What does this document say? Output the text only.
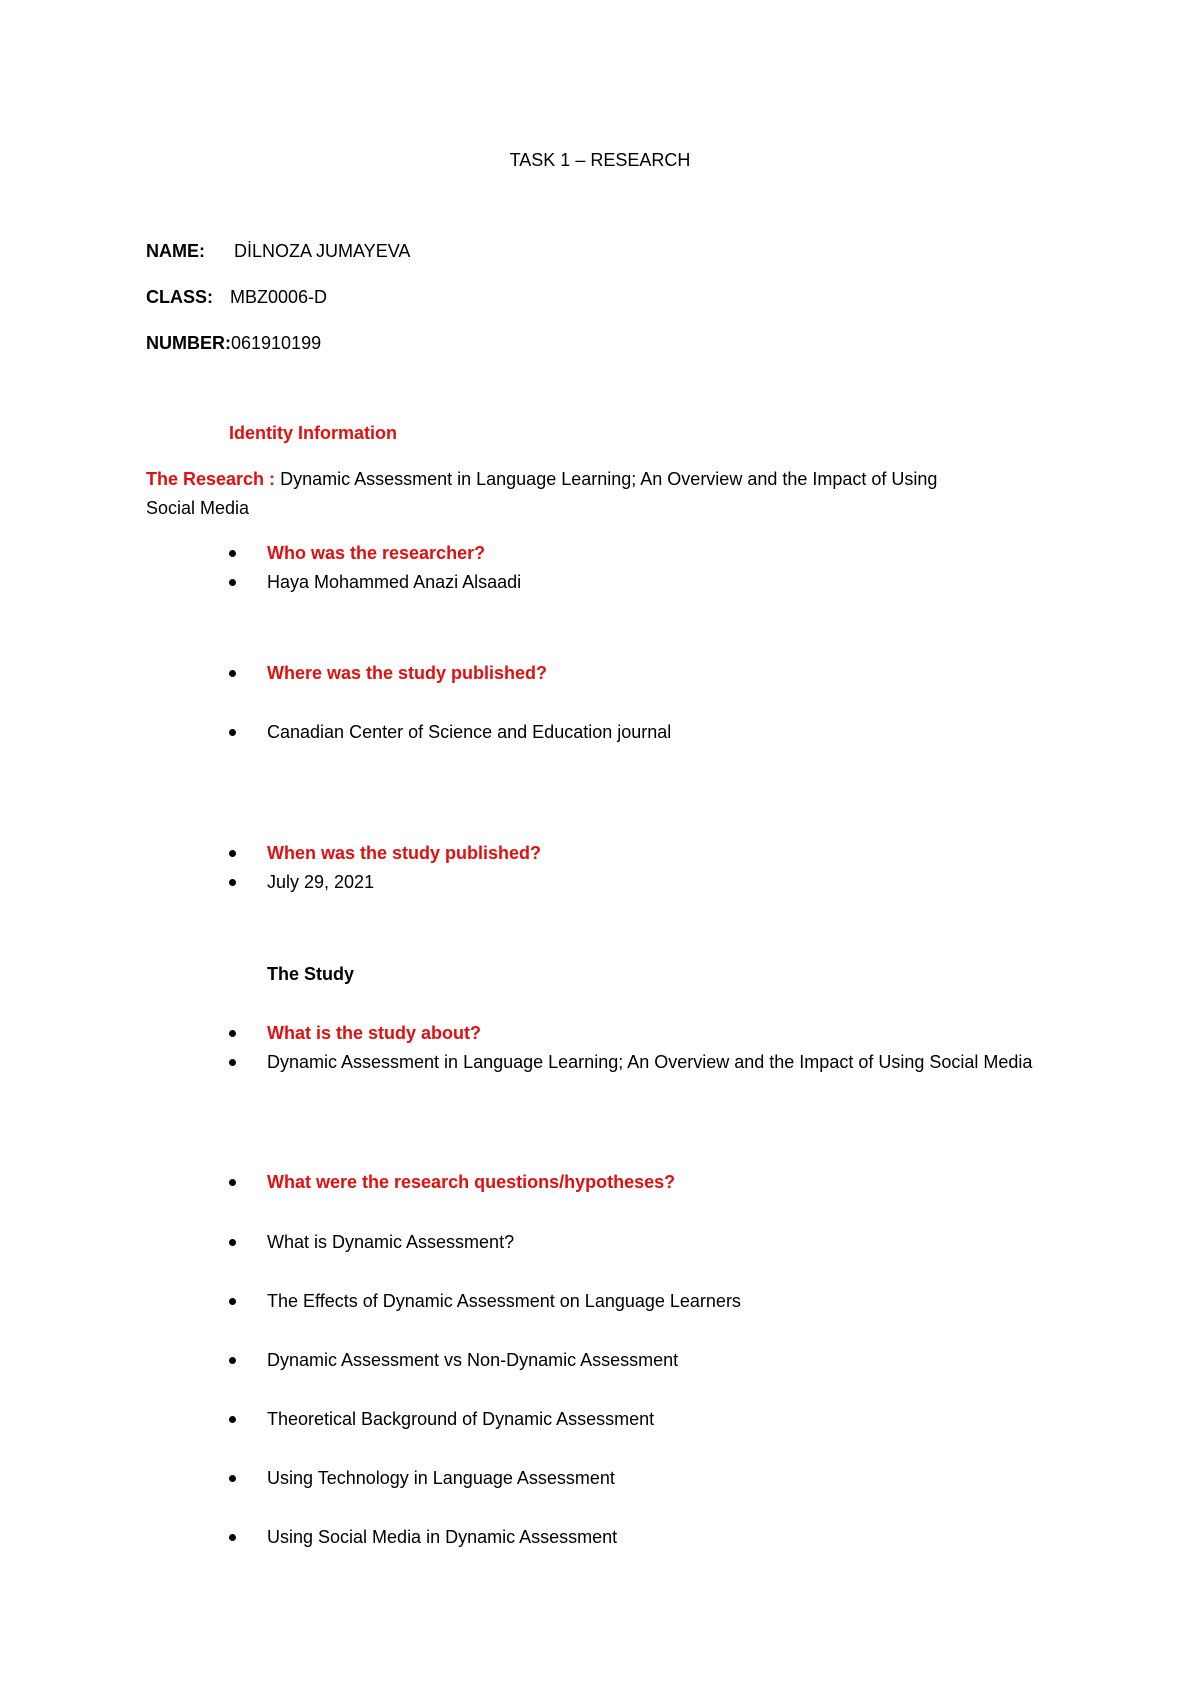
TASK 1 – RESEARCH
NAME: DİLNOZA JUMAYEVA
CLASS: MBZ0006-D
NUMBER:061910199
Identity Information
The Research : Dynamic Assessment in Language Learning; An Overview and the Impact of Using
Social Media
Who was the researcher?
Haya Mohammed Anazi Alsaadi
Where was the study published?
Canadian Center of Science and Education journal
When was the study published?
July 29, 2021
The Study
What is the study about?
Dynamic Assessment in Language Learning; An Overview and the Impact of Using Social Media
What were the research questions/hypotheses?
What is Dynamic Assessment?
The Effects of Dynamic Assessment on Language Learners
Dynamic Assessment vs Non-Dynamic Assessment
Theoretical Background of Dynamic Assessment
Using Technology in Language Assessment
Using Social Media in Dynamic Assessment
